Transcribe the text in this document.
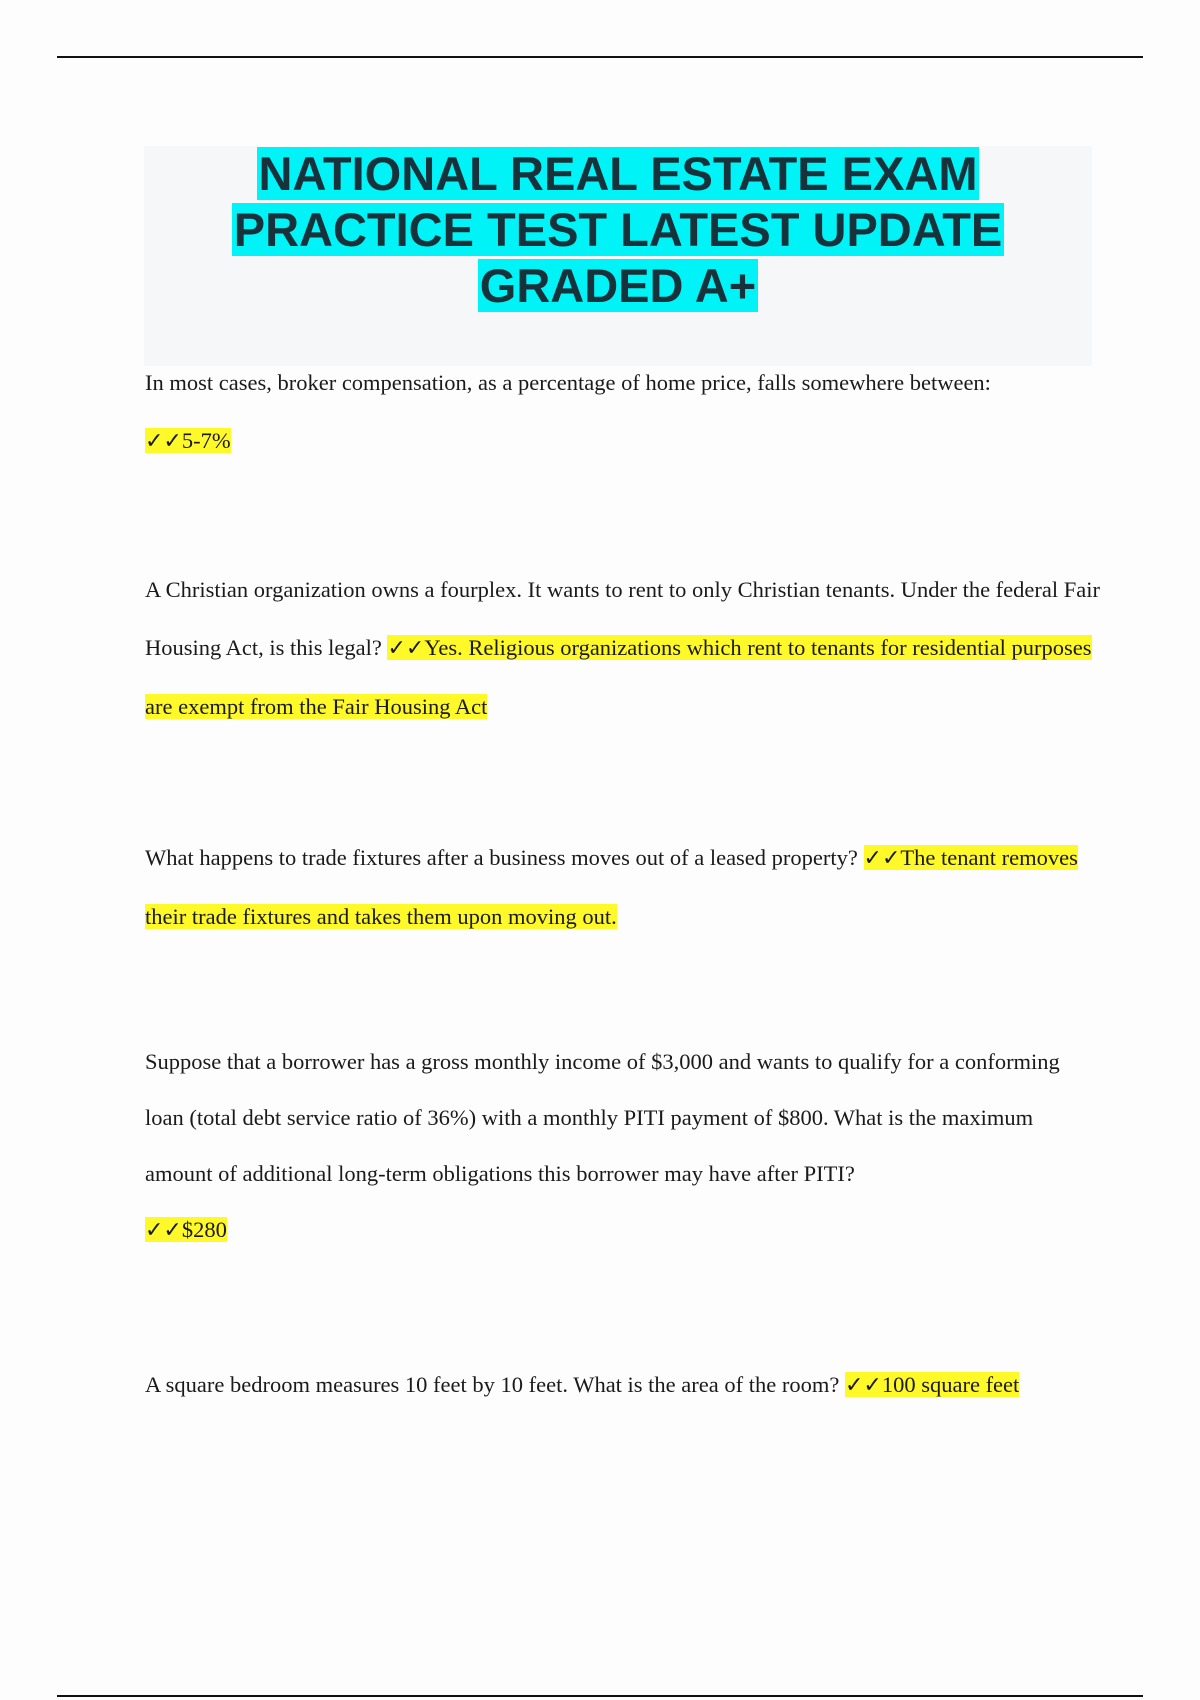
NATIONAL REAL ESTATE EXAM
PRACTICE TEST LATEST UPDATE
GRADED A+

In most cases, broker compensation, as a percentage of home price, falls somewhere between:
✓✓5-7%

A Christian organization owns a fourplex. It wants to rent to only Christian tenants. Under the federal Fair Housing Act, is this legal? ✓✓Yes. Religious organizations which rent to tenants for residential purposes are exempt from the Fair Housing Act

What happens to trade fixtures after a business moves out of a leased property? ✓✓The tenant removes their trade fixtures and takes them upon moving out.

Suppose that a borrower has a gross monthly income of $3,000 and wants to qualify for a conforming loan (total debt service ratio of 36%) with a monthly PITI payment of $800. What is the maximum amount of additional long-term obligations this borrower may have after PITI?
✓✓$280

A square bedroom measures 10 feet by 10 feet. What is the area of the room? ✓✓100 square feet
